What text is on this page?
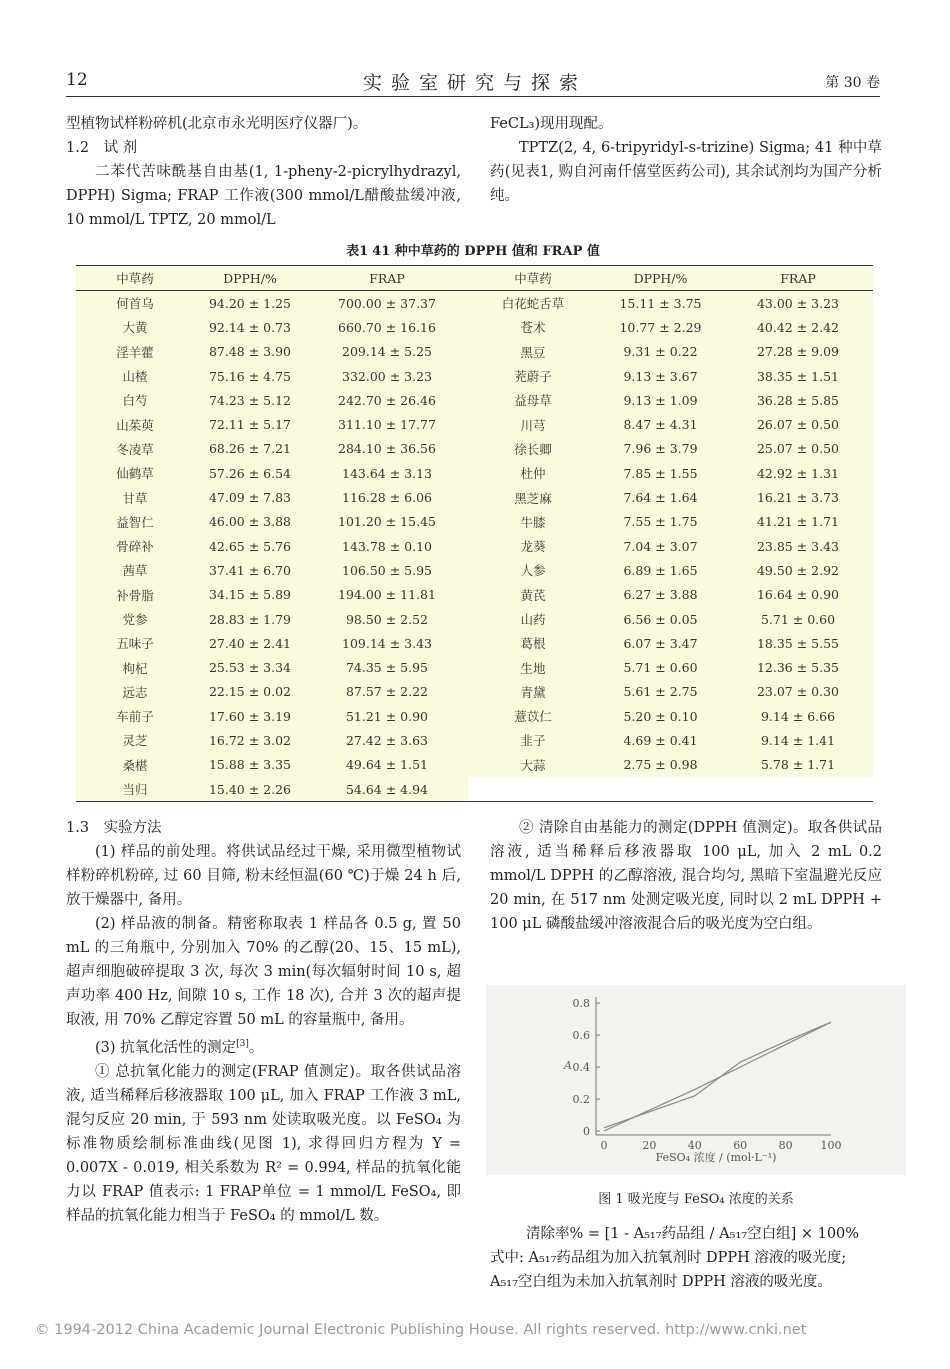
12	实验室研究与探索	第 30 卷

型植物试样粉碎机(北京市永光明医疗仪器厂)。

1.2 试 剂

二苯代苦味酰基自由基(1, 1-pheny-2-picrylhydrazyl, DPPH) Sigma; FRAP 工作液(300 mmol/L醋酸盐缓冲液, 10 mmol/L TPTZ, 20 mmol/L

FeCL₃)现用现配。

TPTZ(2, 4, 6-tripyridyl-s-trizine) Sigma; 41 种中草药(见表1, 购自河南仟僖堂医药公司), 其余试剂均为国产分析纯。

表1 41 种中草药的 DPPH 值和 FRAP 值
中草药	DPPH/%	FRAP	中草药	DPPH/%	FRAP
何首乌	94.20 ± 1.25	700.00 ± 37.37	白花蛇舌草	15.11 ± 3.75	43.00 ± 3.23
大黄	92.14 ± 0.73	660.70 ± 16.16	苍术	10.77 ± 2.29	40.42 ± 2.42
淫羊藿	87.48 ± 3.90	209.14 ± 5.25	黑豆	9.31 ± 0.22	27.28 ± 9.09
山楂	75.16 ± 4.75	332.00 ± 3.23	茺蔚子	9.13 ± 3.67	38.35 ± 1.51
白芍	74.23 ± 5.12	242.70 ± 26.46	益母草	9.13 ± 1.09	36.28 ± 5.85
山茱萸	72.11 ± 5.17	311.10 ± 17.77	川芎	8.47 ± 4.31	26.07 ± 0.50
冬凌草	68.26 ± 7.21	284.10 ± 36.56	徐长卿	7.96 ± 3.79	25.07 ± 0.50
仙鹤草	57.26 ± 6.54	143.64 ± 3.13	杜仲	7.85 ± 1.55	42.92 ± 1.31
甘草	47.09 ± 7.83	116.28 ± 6.06	黑芝麻	7.64 ± 1.64	16.21 ± 3.73
益智仁	46.00 ± 3.88	101.20 ± 15.45	牛膝	7.55 ± 1.75	41.21 ± 1.71
骨碎补	42.65 ± 5.76	143.78 ± 0.10	龙葵	7.04 ± 3.07	23.85 ± 3.43
茜草	37.41 ± 6.70	106.50 ± 5.95	人参	6.89 ± 1.65	49.50 ± 2.92
补骨脂	34.15 ± 5.89	194.00 ± 11.81	黄芪	6.27 ± 3.88	16.64 ± 0.90
党参	28.83 ± 1.79	98.50 ± 2.52	山药	6.56 ± 0.05	5.71 ± 0.60
五味子	27.40 ± 2.41	109.14 ± 3.43	葛根	6.07 ± 3.47	18.35 ± 5.55
枸杞	25.53 ± 3.34	74.35 ± 5.95	生地	5.71 ± 0.60	12.36 ± 5.35
远志	22.15 ± 0.02	87.57 ± 2.22	青黛	5.61 ± 2.75	23.07 ± 0.30
车前子	17.60 ± 3.19	51.21 ± 0.90	薏苡仁	5.20 ± 0.10	9.14 ± 6.66
灵芝	16.72 ± 3.02	27.42 ± 3.63	韭子	4.69 ± 0.41	9.14 ± 1.41
桑椹	15.88 ± 3.35	49.64 ± 1.51	大蒜	2.75 ± 0.98	5.78 ± 1.71
当归	15.40 ± 2.26	54.64 ± 4.94			

1.3 实验方法

(1) 样品的前处理。将供试品经过干燥, 采用微型植物试样粉碎机粉碎, 过 60 目筛, 粉末经恒温(60 ℃)于燥 24 h 后, 放干燥器中, 备用。

(2) 样品液的制备。精密称取表 1 样品各 0.5 g, 置 50 mL 的三角瓶中, 分别加入 70% 的乙醇(20、15、15 mL), 超声细胞破碎提取 3 次, 每次 3 min(每次辐射时间 10 s, 超声功率 400 Hz, 间隙 10 s, 工作 18 次), 合并 3 次的超声提取液, 用 70% 乙醇定容置 50 mL 的容量瓶中, 备用。

(3) 抗氧化活性的测定[3]。

① 总抗氧化能力的测定(FRAP 值测定)。取各供试品溶液, 适当稀释后移液器取 100 μL, 加入 FRAP 工作液 3 mL, 混匀反应 20 min, 于 593 nm 处读取吸光度。以 FeSO₄ 为标准物质绘制标准曲线(见图 1), 求得回归方程为 Y = 0.007X - 0.019, 相关系数为 R² = 0.994, 样品的抗氧化能力以 FRAP 值表示: 1 FRAP单位 = 1 mmol/L FeSO₄, 即样品的抗氧化能力相当于 FeSO₄ 的 mmol/L 数。

② 清除自由基能力的测定(DPPH 值测定)。取各供试品溶液, 适当稀释后移液器取 100 μL, 加入 2 mL 0.2 mmol/L DPPH 的乙醇溶液, 混合均匀, 黑暗下室温避光反应 20 min, 在 517 nm 处测定吸光度, 同时以 2 mL DPPH + 100 μL 磷酸盐缓冲溶液混合后的吸光度为空白组。

0	20	40	60	80	100
0
0.2
0.4
0.6
0.8
A
FeSO₄ 浓度 / (mol·L⁻¹)
图 1 吸光度与 FeSO₄ 浓度的关系

清除率% = [1 - A₅₁₇药品组 / A₅₁₇空白组] × 100%

式中: A₅₁₇药品组为加入抗氧剂时 DPPH 溶液的吸光度;

A₅₁₇空白组为未加入抗氧剂时 DPPH 溶液的吸光度。

© 1994-2012 China Academic Journal Electronic Publishing House. All rights reserved. http://www.cnki.net
